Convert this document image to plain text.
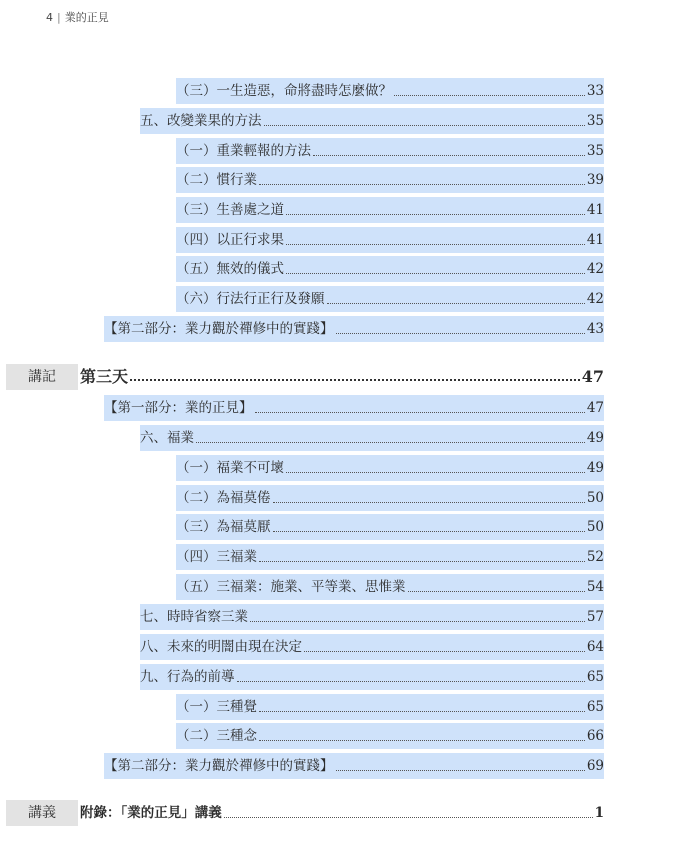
4 | 業的正見
（三）一生造惡，命將盡時怎麼做？	33
五、改變業果的方法	35
（一）重業輕報的方法	35
（二）慣行業	39
（三）生善處之道	41
（四）以正行求果	41
（五）無效的儀式	42
（六）行法行正行及發願	42
【第二部分：業力觀於禪修中的實踐】	43
講記	第三天	47
【第一部分：業的正見】	47
六、福業	49
（一）福業不可壞	49
（二）為福莫倦	50
（三）為福莫厭	50
（四）三福業	52
（五）三福業：施業、平等業、思惟業	54
七、時時省察三業	57
八、未來的明闇由現在決定	64
九、行為的前導	65
（一）三種覺	65
（二）三種念	66
【第二部分：業力觀於禪修中的實踐】	69
講義	附錄：「業的正見」講義	1
